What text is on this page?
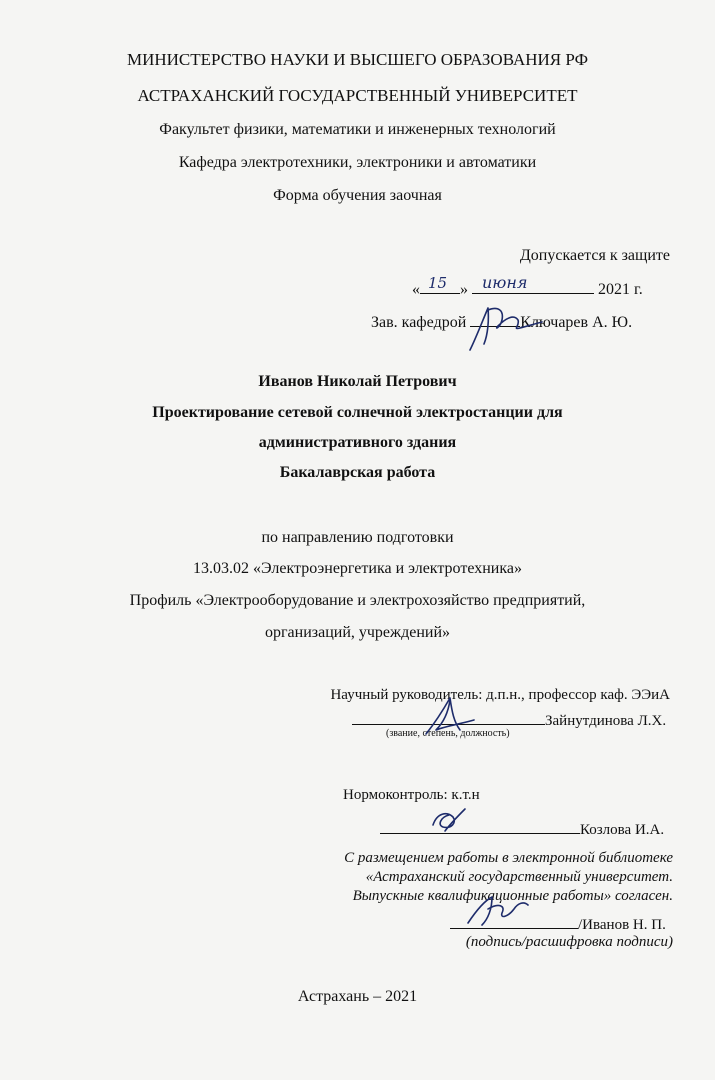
МИНИСТЕРСТВО НАУКИ И ВЫСШЕГО ОБРАЗОВАНИЯ РФ
АСТРАХАНСКИЙ ГОСУДАРСТВЕННЫЙ УНИВЕРСИТЕТ
Факультет физики, математики и инженерных технологий
Кафедра электротехники, электроники и автоматики
Форма обучения заочная
Допускается к защите
« 15 » июня	2021 г.
Зав. кафедрой	Ключарев А. Ю.
Иванов Николай Петрович
Проектирование сетевой солнечной электростанции для
административного здания
Бакалаврская работа
по направлению подготовки
13.03.02 «Электроэнергетика и электротехника»
Профиль «Электрооборудование и электрохозяйство предприятий,
организаций, учреждений»
Научный руководитель: д.п.н., профессор каф. ЭЭиА
Зайнутдинова Л.Х.
(звание, степень, должность)
Нормоконтроль: к.т.н
Козлова И.А.
С размещением работы в электронной библиотеке
«Астраханский государственный университет.
Выпускные квалификационные работы» согласен.
/Иванов Н. П.
(подпись/расшифровка подписи)
Астрахань – 2021
